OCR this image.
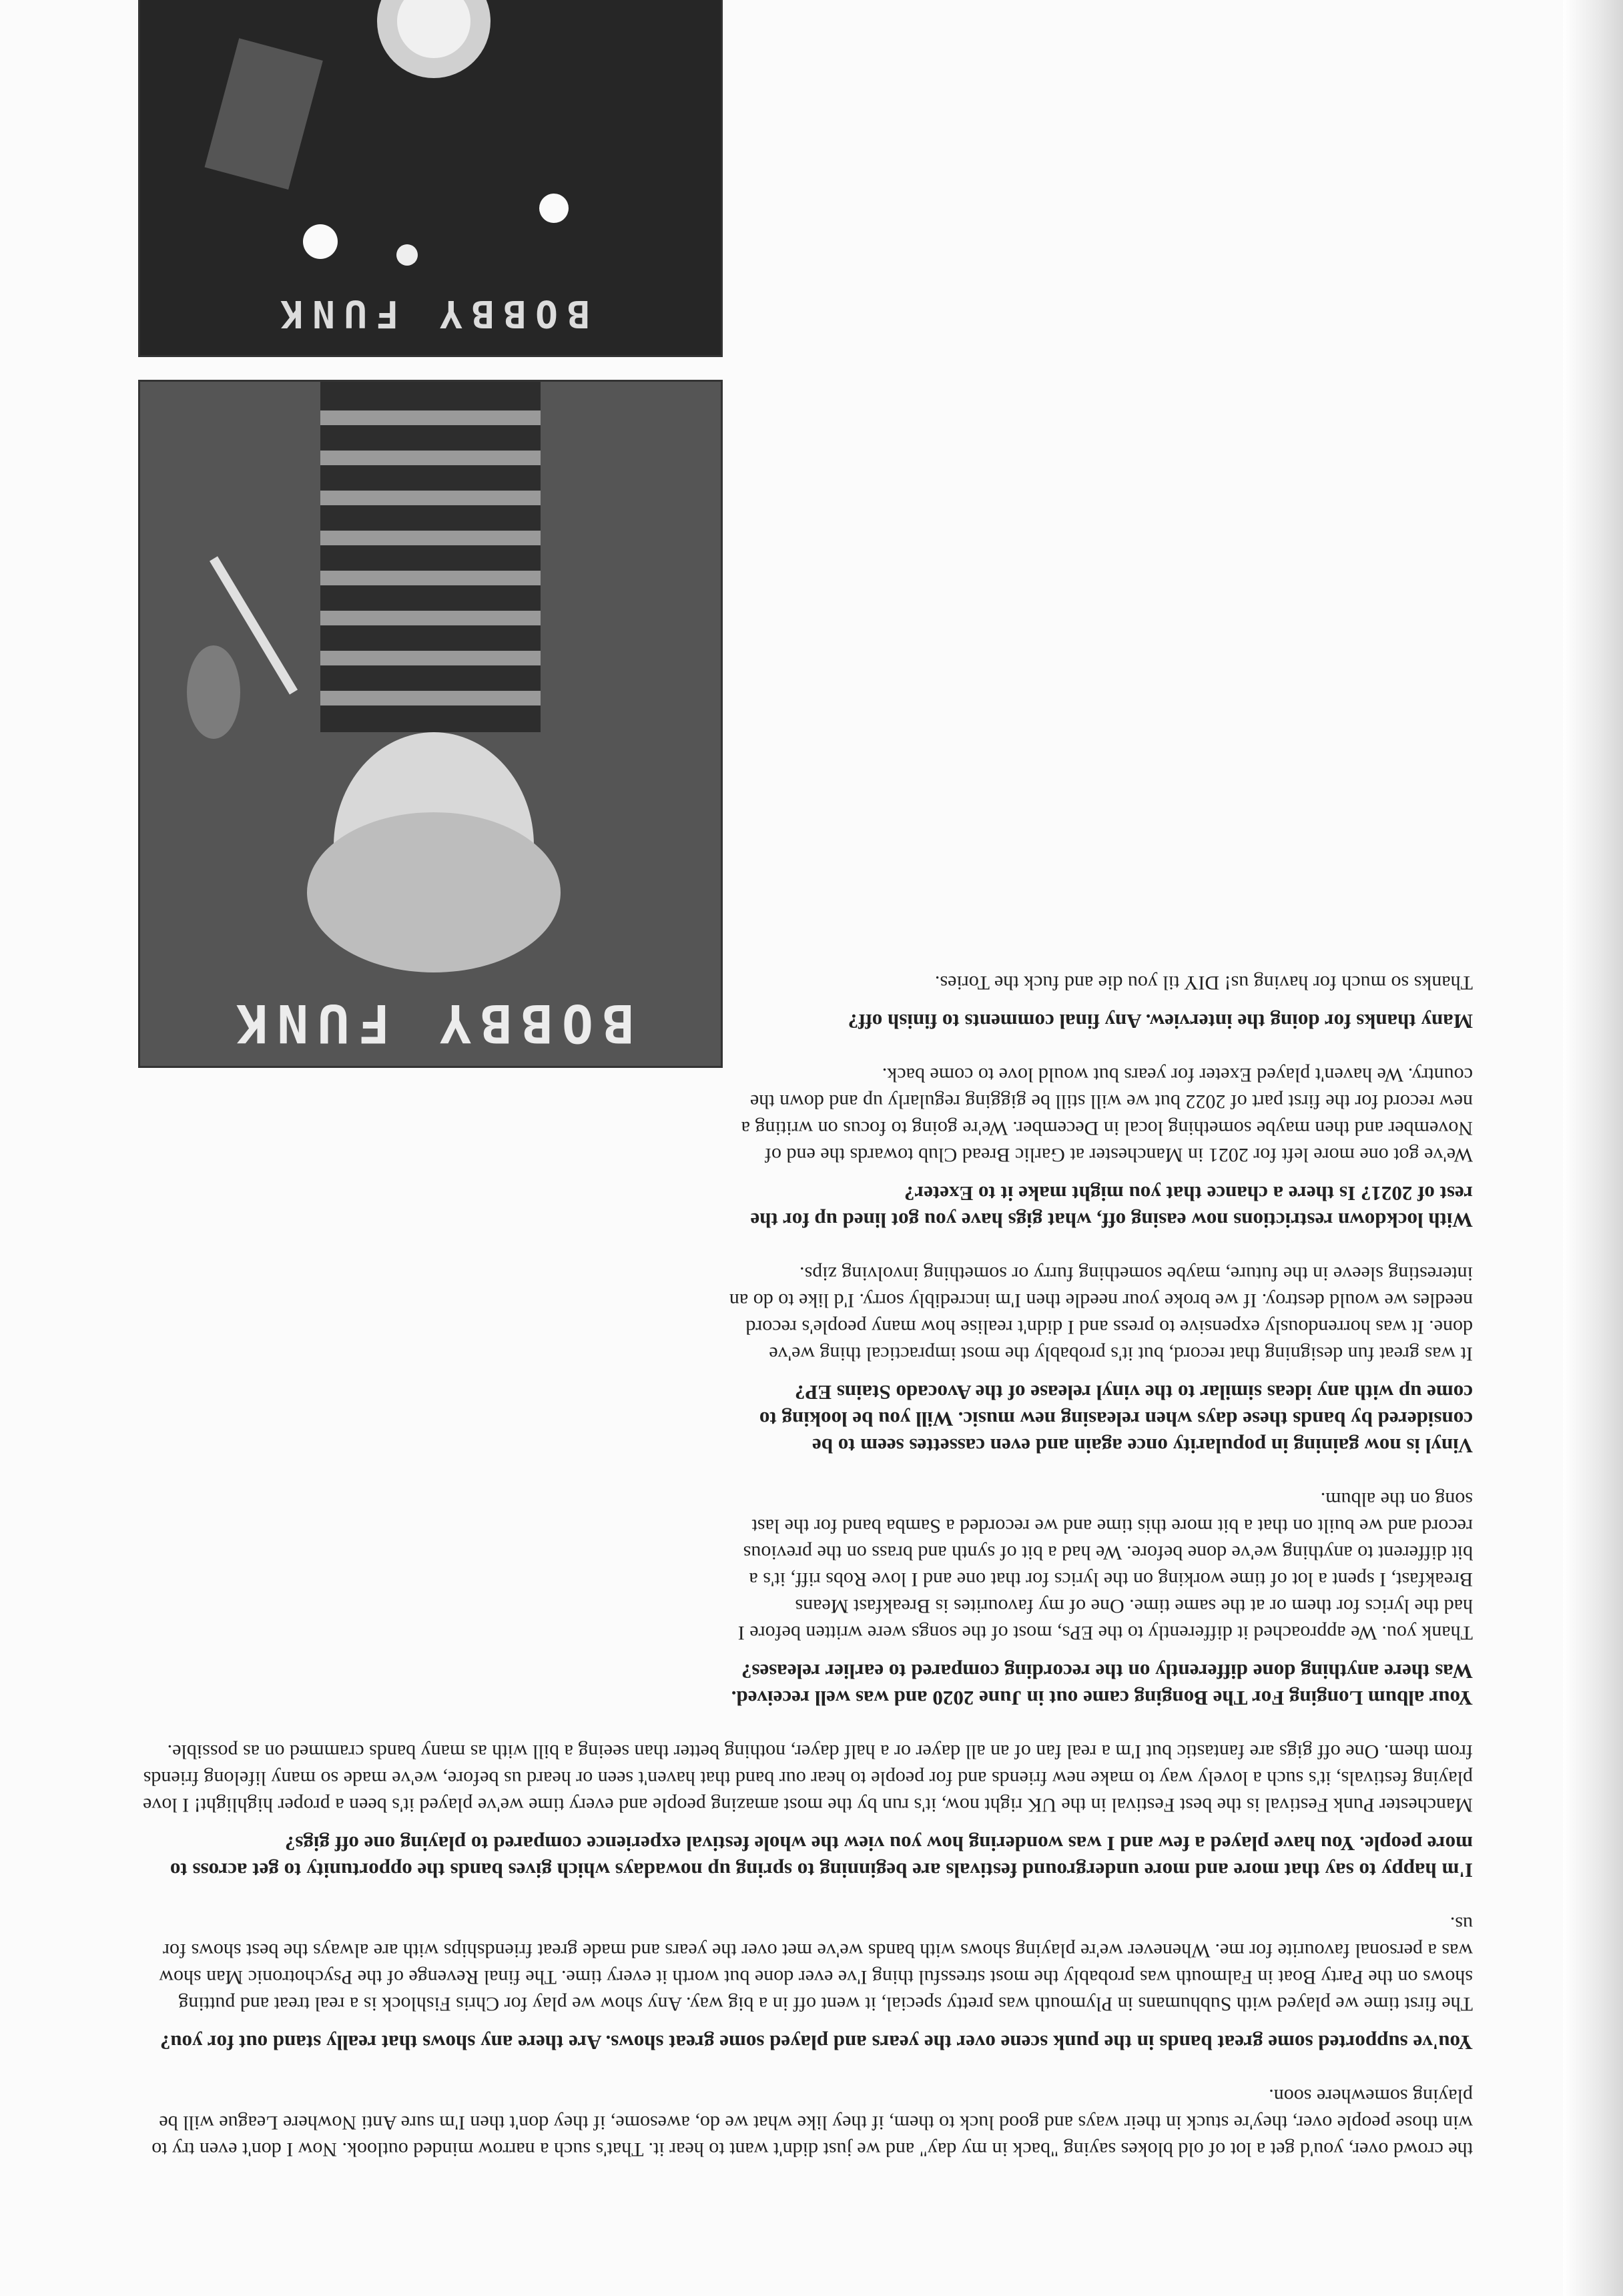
the crowd over, you'd get a lot of old blokes saying "back in my day" and we just didn't want to hear it. That's such a narrow minded outlook. Now I don't even try to win those people over, they're stuck in their ways and good luck to them, if they like what we do, awesome, if they don't then I'm sure Anti Nowhere League will be playing somewhere soon.

You've supported some great bands in the punk scene over the years and played some great shows. Are there any shows that really stand out for you?

The first time we played with Subhumans in Plymouth was pretty special, it went off in a big way. Any show we play for Chris Fishlock is a real treat and putting shows on the Party Boat in Falmouth was probably the most stressful thing I've ever done but worth it every time. The final Revenge of the Psychotronic Man show was a personal favourite for me. Whenever we're playing shows with bands we've met over the years and made great friendships with are always the best shows for us.

I'm happy to say that more and more underground festivals are beginning to spring up nowadays which gives bands the opportunity to get across to more people. You have played a few and I was wondering how you view the whole festival experience compared to playing one off gigs?

Manchester Punk Festival is the best Festival in the UK right now, it's run by the most amazing people and every time we've played it's been a proper highlight! I love playing festivals, it's such a lovely way to make new friends and for people to hear our band that haven't seen or heard us before, we've made so many lifelong friends from them. One off gigs are fantastic but I'm a real fan of an all dayer or a half dayer, nothing better than seeing a bill with as many bands crammed on as possible.

Your album Longing For The Bonging came out in June 2020 and was well received. Was there anything done differently on the recording compared to earlier releases?

Thank you. We approached it differently to the EPs, most of the songs were written before I had the lyrics for them or at the same time. One of my favourites is Breakfast Means Breakfast, I spent a lot of time working on the lyrics for that one and I love Robs riff, it's a bit different to anything we've done before. We had a bit of synth and brass on the previous record and we built on that a bit more this time and we recorded a Samba band for the last song on the album.

Vinyl is now gaining in popularity once again and even cassettes seem to be considered by bands these days when releasing new music. Will you be looking to come up with any ideas similar to the vinyl release of the Avocado Stains EP?

It was great fun designing that record, but it's probably the most impractical thing we've done. It was horrendously expensive to press and I didn't realise how many people's record needles we would destroy. If we broke your needle then I'm incredibly sorry. I'd like to do an interesting sleeve in the future, maybe something furry or something involving zips.

With lockdown restrictions now easing off, what gigs have you got lined up for the rest of 2021? Is there a chance that you might make it to Exeter?

We've got one more left for 2021 in Manchester at Garlic Bread Club towards the end of November and then maybe something local in December. We're going to focus on writing a new record for the first part of 2022 but we will still be gigging regularly up and down the country. We haven't played Exeter for years but would love to come back.

Many thanks for doing the interview. Any final comments to finish off?

Thanks so much for having us! DIY til you die and fuck the Tories.

BOBBY FUNK
BOBBY FUNK
